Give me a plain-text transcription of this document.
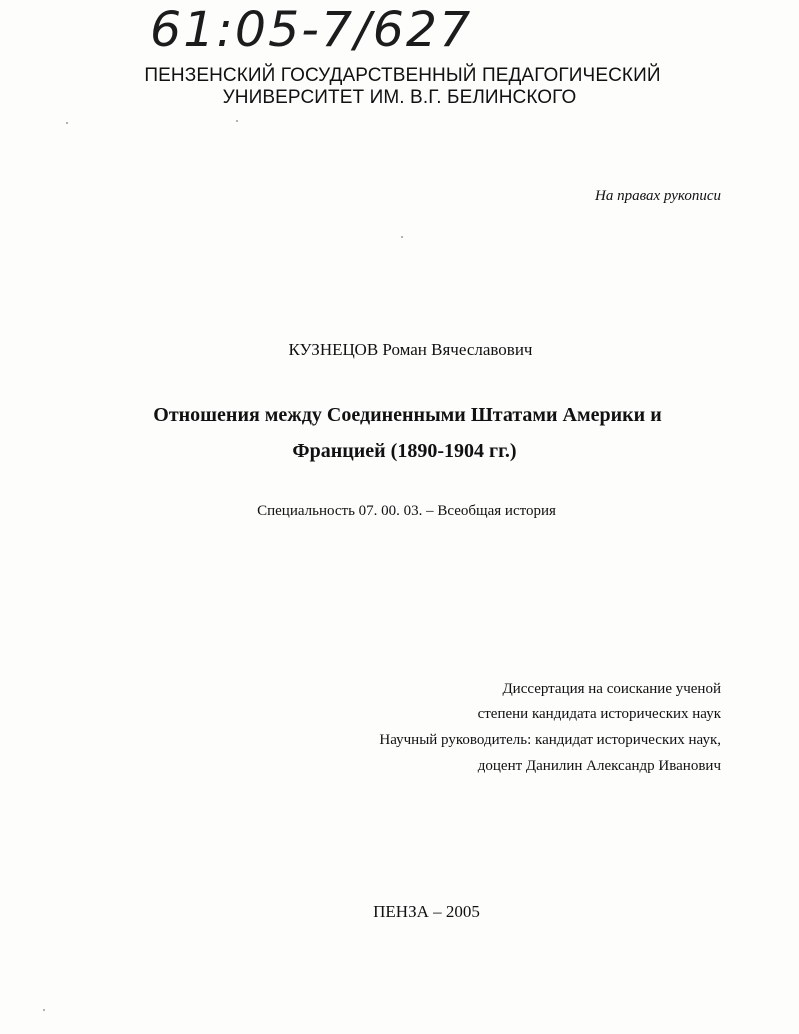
61:05-7/627
ПЕНЗЕНСКИЙ ГОСУДАРСТВЕННЫЙ ПЕДАГОГИЧЕСКИЙ
УНИВЕРСИТЕТ ИМ. В.Г. БЕЛИНСКОГО
На правах рукописи
КУЗНЕЦОВ Роман Вячеславович
Отношения между Соединенными Штатами Америки и
Францией (1890-1904 гг.)
Специальность 07. 00. 03. – Всеобщая история
Диссертация на соискание ученой
степени кандидата исторических наук
Научный руководитель: кандидат исторических наук,
доцент Данилин Александр Иванович
ПЕНЗА – 2005
